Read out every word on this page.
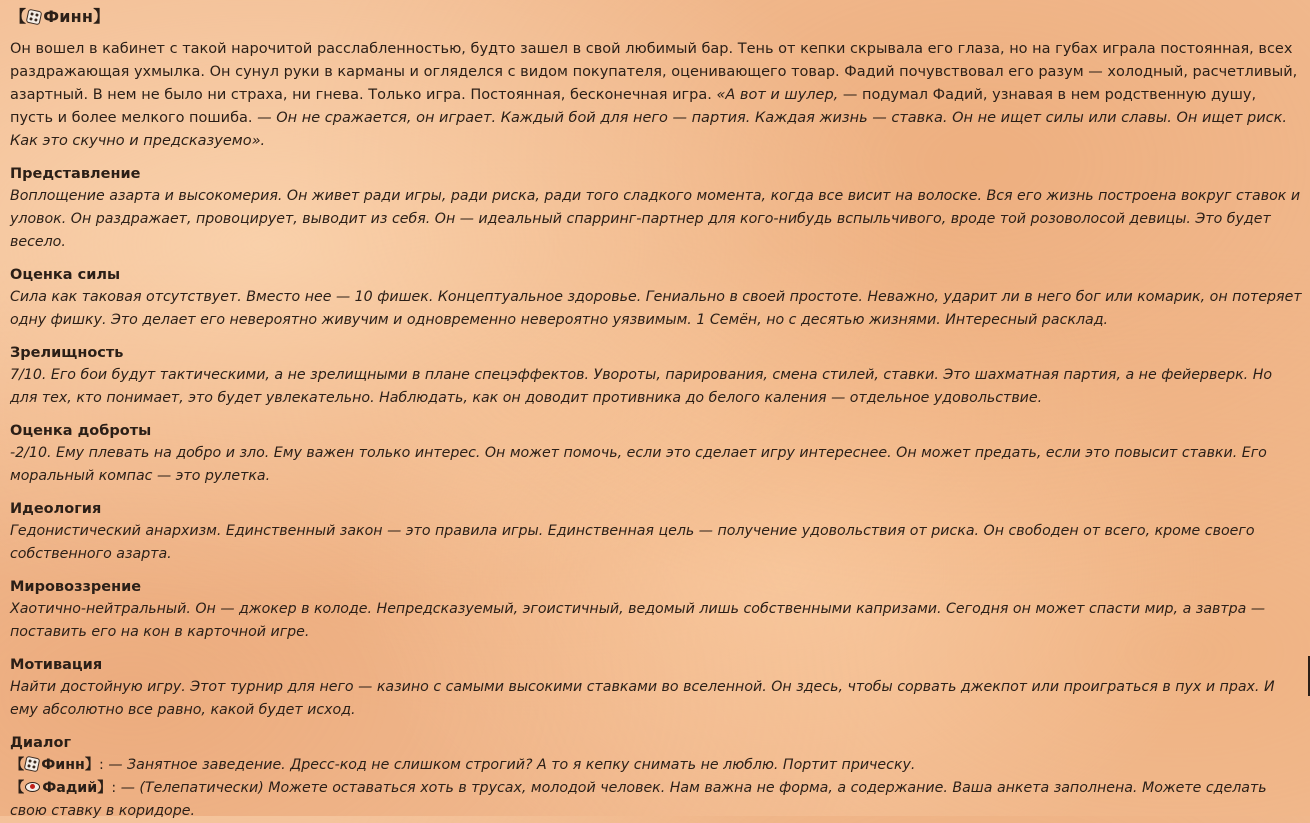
【 Финн】

Он вошел в кабинет с такой нарочитой расслабленностью, будто зашел в свой любимый бар. Тень от кепки скрывала его глаза, но на губах играла постоянная, всех раздражающая ухмылка. Он сунул руки в карманы и огляделся с видом покупателя, оценивающего товар. Фадий почувствовал его разум — холодный, расчетливый, азартный. В нем не было ни страха, ни гнева. Только игра. Постоянная, бесконечная игра. «А вот и шулер, — подумал Фадий, узнавая в нем родственную душу, пусть и более мелкого пошиба. — Он не сражается, он играет. Каждый бой для него — партия. Каждая жизнь — ставка. Он не ищет силы или славы. Он ищет риск. Как это скучно и предсказуемо».

Представление

Воплощение азарта и высокомерия. Он живет ради игры, ради риска, ради того сладкого момента, когда все висит на волоске. Вся его жизнь построена вокруг ставок и уловок. Он раздражает, провоцирует, выводит из себя. Он — идеальный спарринг-партнер для кого-нибудь вспыльчивого, вроде той розоволосой девицы. Это будет весело.

Оценка силы

Сила как таковая отсутствует. Вместо нее — 10 фишек. Концептуальное здоровье. Гениально в своей простоте. Неважно, ударит ли в него бог или комарик, он потеряет одну фишку. Это делает его невероятно живучим и одновременно невероятно уязвимым. 1 Семён, но с десятью жизнями. Интересный расклад.

Зрелищность

7/10. Его бои будут тактическими, а не зрелищными в плане спецэффектов. Увороты, парирования, смена стилей, ставки. Это шахматная партия, а не фейерверк. Но для тех, кто понимает, это будет увлекательно. Наблюдать, как он доводит противника до белого каления — отдельное удовольствие.

Оценка доброты

-2/10. Ему плевать на добро и зло. Ему важен только интерес. Он может помочь, если это сделает игру интереснее. Он может предать, если это повысит ставки. Его моральный компас — это рулетка.

Идеология

Гедонистический анархизм. Единственный закон — это правила игры. Единственная цель — получение удовольствия от риска. Он свободен от всего, кроме своего собственного азарта.

Мировоззрение

Хаотично-нейтральный. Он — джокер в колоде. Непредсказуемый, эгоистичный, ведомый лишь собственными капризами. Сегодня он может спасти мир, а завтра — поставить его на кон в карточной игре.

Мотивация

Найти достойную игру. Этот турнир для него — казино с самыми высокими ставками во вселенной. Он здесь, чтобы сорвать джекпот или проиграться в пух и прах. И ему абсолютно все равно, какой будет исход.

Диалог

【 Финн】: — Занятное заведение. Дресс-код не слишком строгий? А то я кепку снимать не люблю. Портит прическу.

【 Фадий】: — (Телепатически) Можете оставаться хоть в трусах, молодой человек. Нам важна не форма, а содержание. Ваша анкета заполнена. Можете сделать свою ставку в коридоре.
